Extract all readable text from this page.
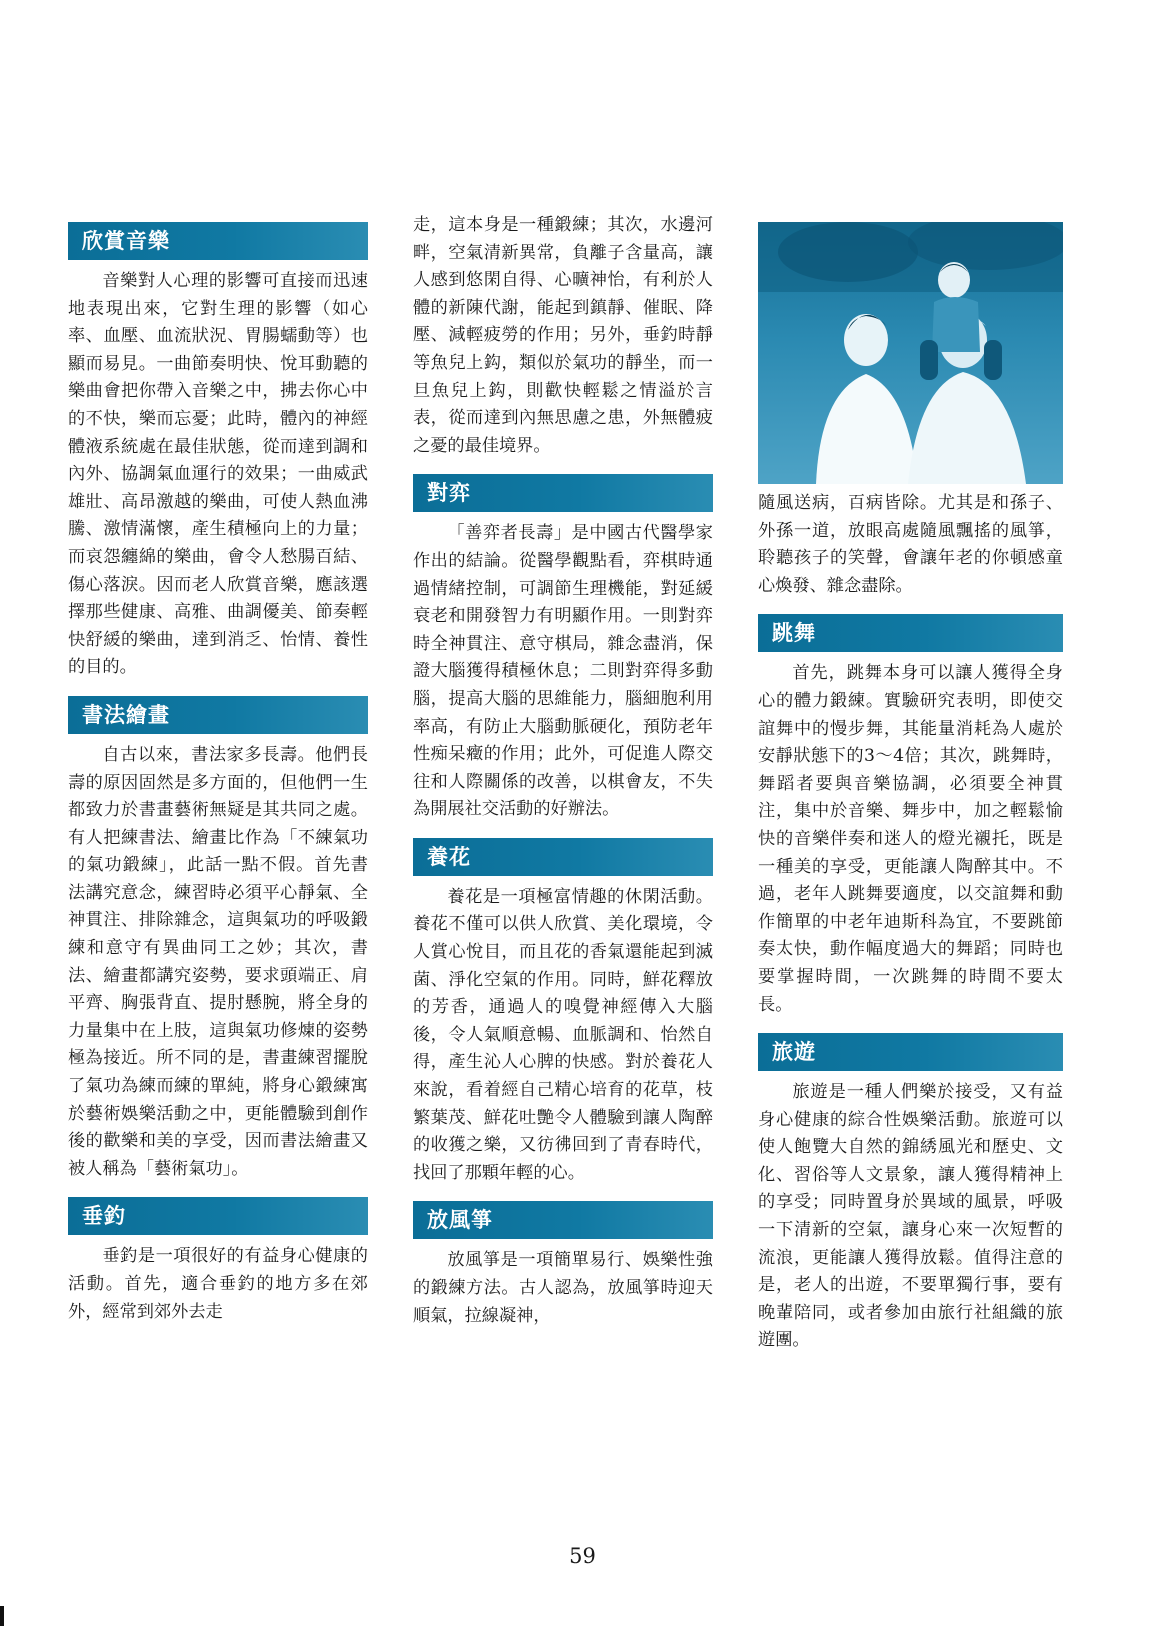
欣賞音樂

音樂對人心理的影響可直接而迅速地表現出來，它對生理的影響（如心率、血壓、血流狀況、胃腸蠕動等）也顯而易見。一曲節奏明快、悅耳動聽的樂曲會把你帶入音樂之中，拂去你心中的不快，樂而忘憂；此時，體內的神經體液系統處在最佳狀態，從而達到調和內外、協調氣血運行的效果；一曲威武雄壯、高昂激越的樂曲，可使人熱血沸騰、激情滿懷，產生積極向上的力量；而哀怨纏綿的樂曲，會令人愁腸百結、傷心落淚。因而老人欣賞音樂，應該選擇那些健康、高雅、曲調優美、節奏輕快舒緩的樂曲，達到消乏、怡情、養性的目的。

書法繪畫

自古以來，書法家多長壽。他們長壽的原因固然是多方面的，但他們一生都致力於書畫藝術無疑是其共同之處。有人把練書法、繪畫比作為「不練氣功的氣功鍛練」，此話一點不假。首先書法講究意念，練習時必須平心靜氣、全神貫注、排除雜念，這與氣功的呼吸鍛練和意守有異曲同工之妙；其次，書法、繪畫都講究姿勢，要求頭端正、肩平齊、胸張背直、提肘懸腕，將全身的力量集中在上肢，這與氣功修煉的姿勢極為接近。所不同的是，書畫練習擺脫了氣功為練而練的單純，將身心鍛練寓於藝術娛樂活動之中，更能體驗到創作後的歡樂和美的享受，因而書法繪畫又被人稱為「藝術氣功」。

垂釣

垂釣是一項很好的有益身心健康的活動。首先，適合垂釣的地方多在郊外，經常到郊外去走

走，這本身是一種鍛練；其次，水邊河畔，空氣清新異常，負離子含量高，讓人感到悠閑自得、心曠神怡，有利於人體的新陳代謝，能起到鎮靜、催眠、降壓、減輕疲勞的作用；另外，垂釣時靜等魚兒上鈎，類似於氣功的靜坐，而一旦魚兒上鈎，則歡快輕鬆之情溢於言表，從而達到內無思慮之患，外無體疲之憂的最佳境界。

對弈

「善弈者長壽」是中國古代醫學家作出的結論。從醫學觀點看，弈棋時通過情緒控制，可調節生理機能，對延緩衰老和開發智力有明顯作用。一則對弈時全神貫注、意守棋局，雜念盡消，保證大腦獲得積極休息；二則對弈得多動腦，提高大腦的思維能力，腦細胞利用率高，有防止大腦動脈硬化，預防老年性痴呆癥的作用；此外，可促進人際交往和人際關係的改善，以棋會友，不失為開展社交活動的好辦法。

養花

養花是一項極富情趣的休閑活動。養花不僅可以供人欣賞、美化環境，令人賞心悅目，而且花的香氣還能起到滅菌、淨化空氣的作用。同時，鮮花釋放的芳香，通過人的嗅覺神經傳入大腦後，令人氣順意暢、血脈調和、怡然自得，產生沁人心脾的快感。對於養花人來說，看着經自己精心培育的花草，枝繁葉茂、鮮花吐艷令人體驗到讓人陶醉的收獲之樂，又彷彿回到了青春時代，找回了那顆年輕的心。

放風箏

放風箏是一項簡單易行、娛樂性強的鍛練方法。古人認為，放風箏時迎天順氣，拉線凝神，

隨風送病，百病皆除。尤其是和孫子、外孫一道，放眼高處隨風飄搖的風箏，聆聽孩子的笑聲，會讓年老的你頓感童心煥發、雜念盡除。

跳舞

首先，跳舞本身可以讓人獲得全身心的體力鍛練。實驗研究表明，即使交誼舞中的慢步舞，其能量消耗為人處於安靜狀態下的3～4倍；其次，跳舞時，舞蹈者要與音樂協調，必須要全神貫注，集中於音樂、舞步中，加之輕鬆愉快的音樂伴奏和迷人的燈光襯托，既是一種美的享受，更能讓人陶醉其中。不過，老年人跳舞要適度，以交誼舞和動作簡單的中老年迪斯科為宜，不要跳節奏太快，動作幅度過大的舞蹈；同時也要掌握時間，一次跳舞的時間不要太長。

旅遊

旅遊是一種人們樂於接受，又有益身心健康的綜合性娛樂活動。旅遊可以使人飽覽大自然的錦綉風光和歷史、文化、習俗等人文景象，讓人獲得精神上的享受；同時置身於異域的風景，呼吸一下清新的空氣，讓身心來一次短暫的流浪，更能讓人獲得放鬆。值得注意的是，老人的出遊，不要單獨行事，要有晚輩陪同，或者參加由旅行社組織的旅遊團。

59
